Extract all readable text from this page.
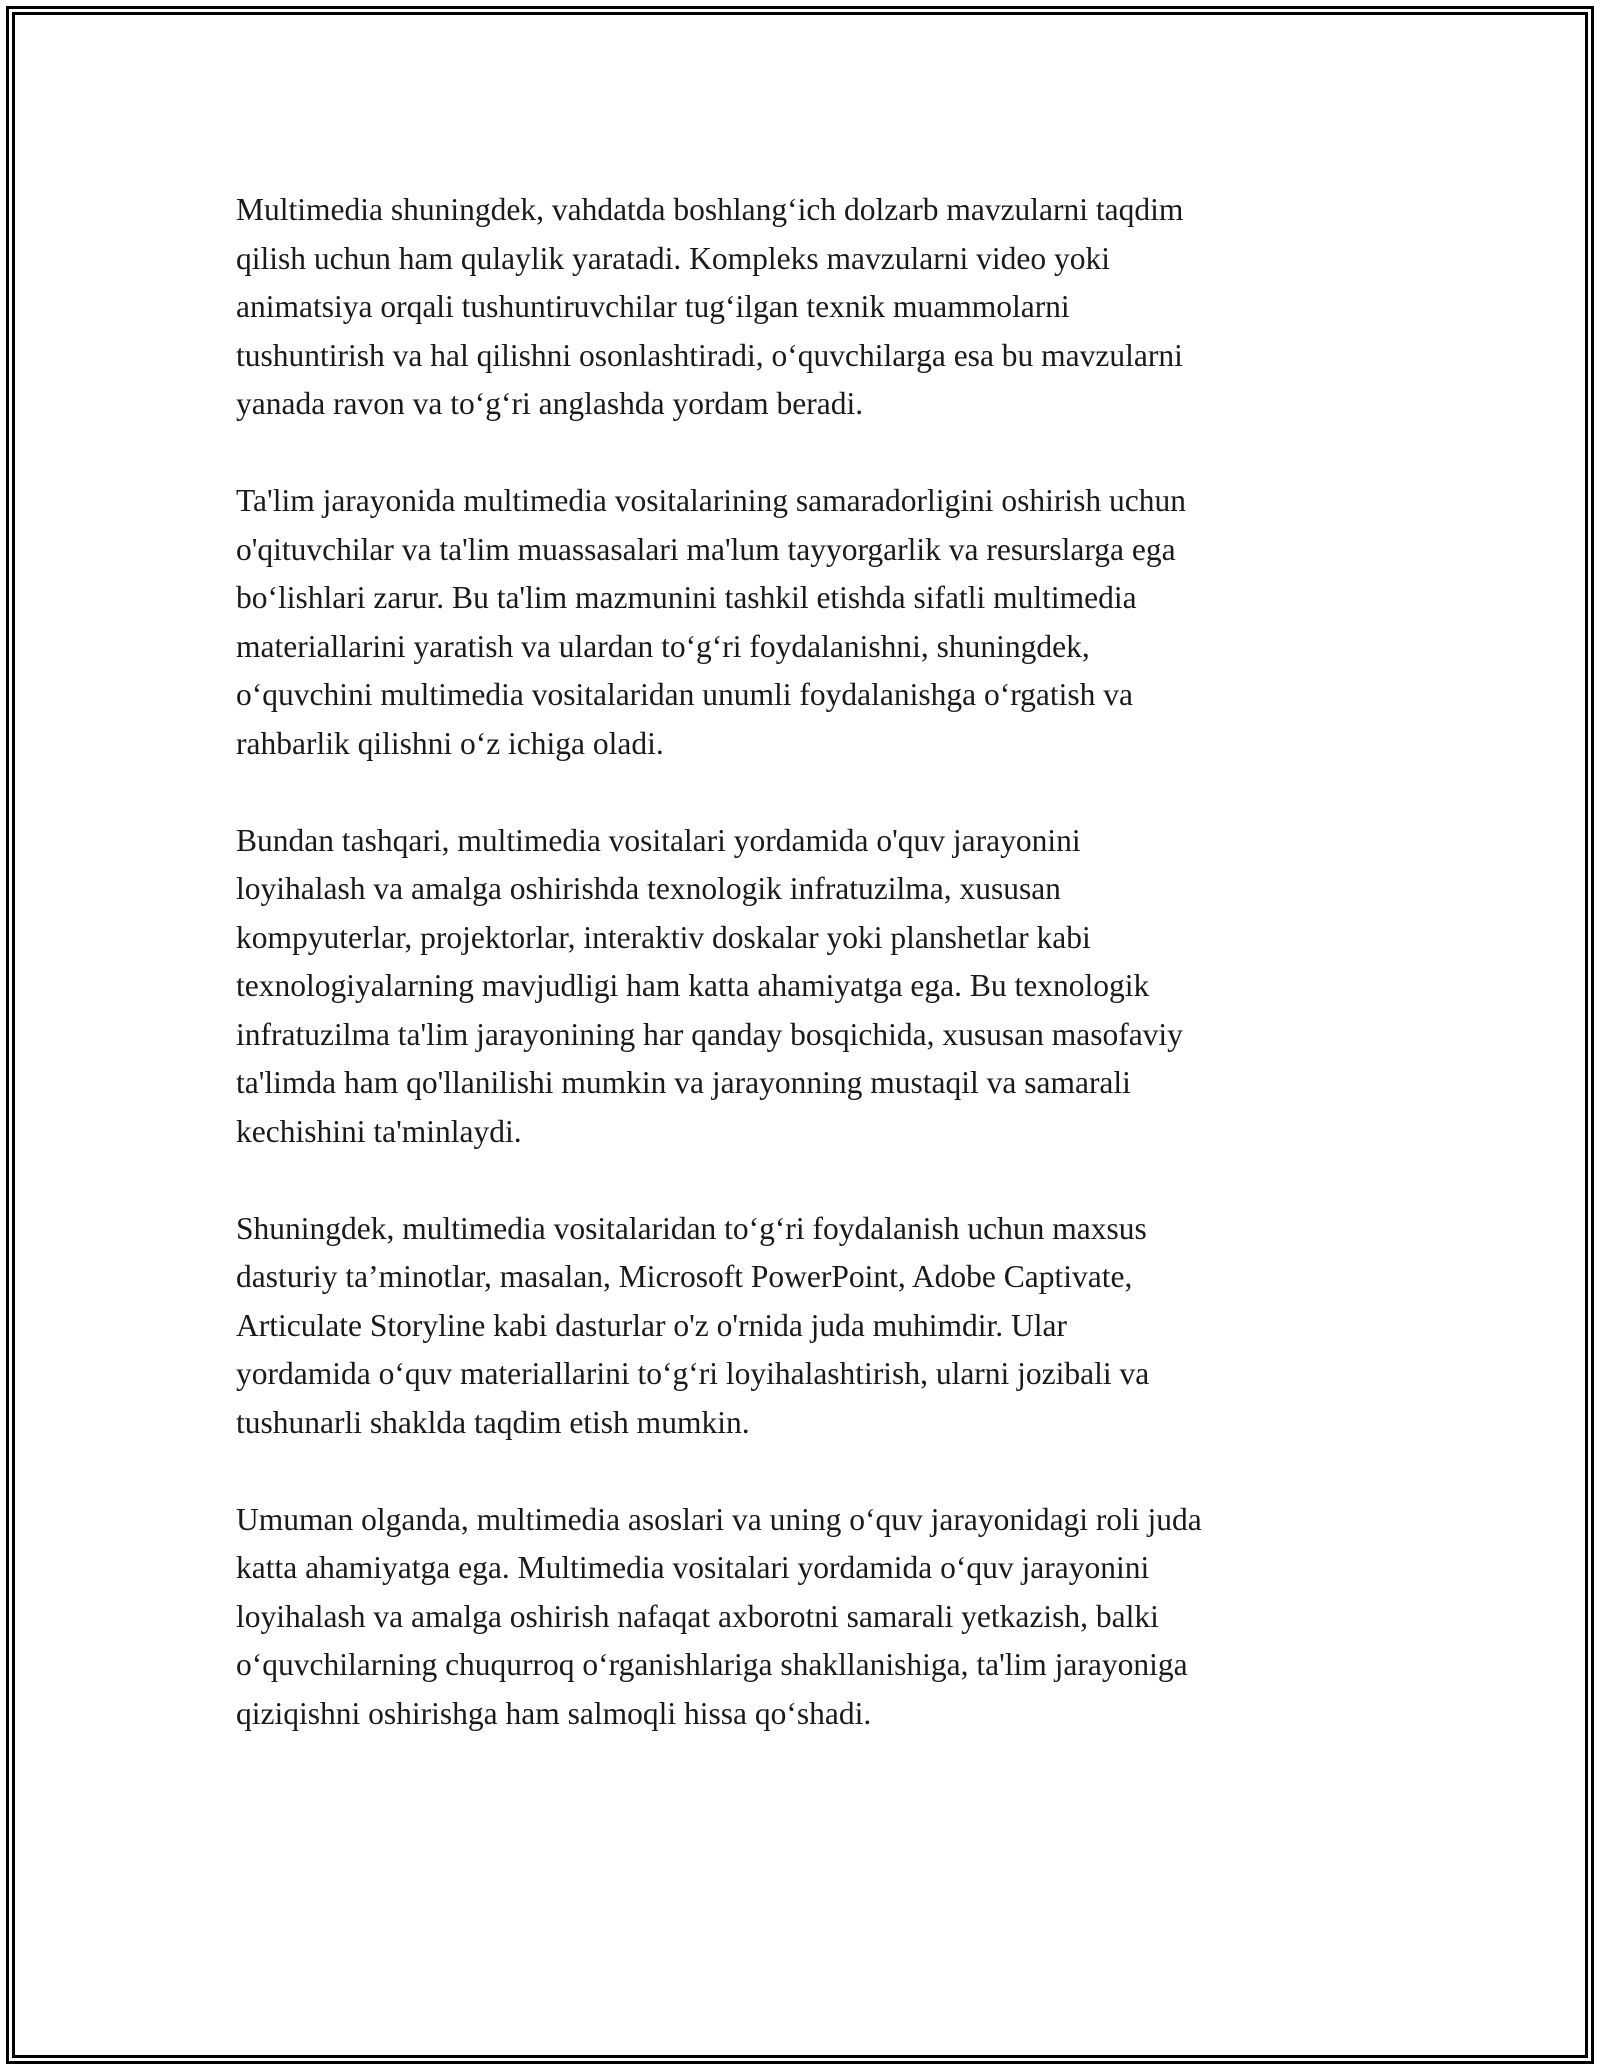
Multimedia shuningdek, vahdatda boshlang‘ich dolzarb mavzularni taqdim
qilish uchun ham qulaylik yaratadi. Kompleks mavzularni video yoki
animatsiya orqali tushuntiruvchilar tug‘ilgan texnik muammolarni
tushuntirish va hal qilishni osonlashtiradi, o‘quvchilarga esa bu mavzularni
yanada ravon va to‘g‘ri anglashda yordam beradi.

Ta'lim jarayonida multimedia vositalarining samaradorligini oshirish uchun
o'qituvchilar va ta'lim muassasalari ma'lum tayyorgarlik va resurslarga ega
bo‘lishlari zarur. Bu ta'lim mazmunini tashkil etishda sifatli multimedia
materiallarini yaratish va ulardan to‘g‘ri foydalanishni, shuningdek,
o‘quvchini multimedia vositalaridan unumli foydalanishga o‘rgatish va
rahbarlik qilishni o‘z ichiga oladi.

Bundan tashqari, multimedia vositalari yordamida o'quv jarayonini
loyihalash va amalga oshirishda texnologik infratuzilma, xususan
kompyuterlar, projektorlar, interaktiv doskalar yoki planshetlar kabi
texnologiyalarning mavjudligi ham katta ahamiyatga ega. Bu texnologik
infratuzilma ta'lim jarayonining har qanday bosqichida, xususan masofaviy
ta'limda ham qo'llanilishi mumkin va jarayonning mustaqil va samarali
kechishini ta'minlaydi.

Shuningdek, multimedia vositalaridan to‘g‘ri foydalanish uchun maxsus
dasturiy ta’minotlar, masalan, Microsoft PowerPoint, Adobe Captivate,
Articulate Storyline kabi dasturlar o'z o'rnida juda muhimdir. Ular
yordamida o‘quv materiallarini to‘g‘ri loyihalashtirish, ularni jozibali va
tushunarli shaklda taqdim etish mumkin.

Umuman olganda, multimedia asoslari va uning o‘quv jarayonidagi roli juda
katta ahamiyatga ega. Multimedia vositalari yordamida o‘quv jarayonini
loyihalash va amalga oshirish nafaqat axborotni samarali yetkazish, balki
o‘quvchilarning chuqurroq o‘rganishlariga shakllanishiga, ta'lim jarayoniga
qiziqishni oshirishga ham salmoqli hissa qo‘shadi.
